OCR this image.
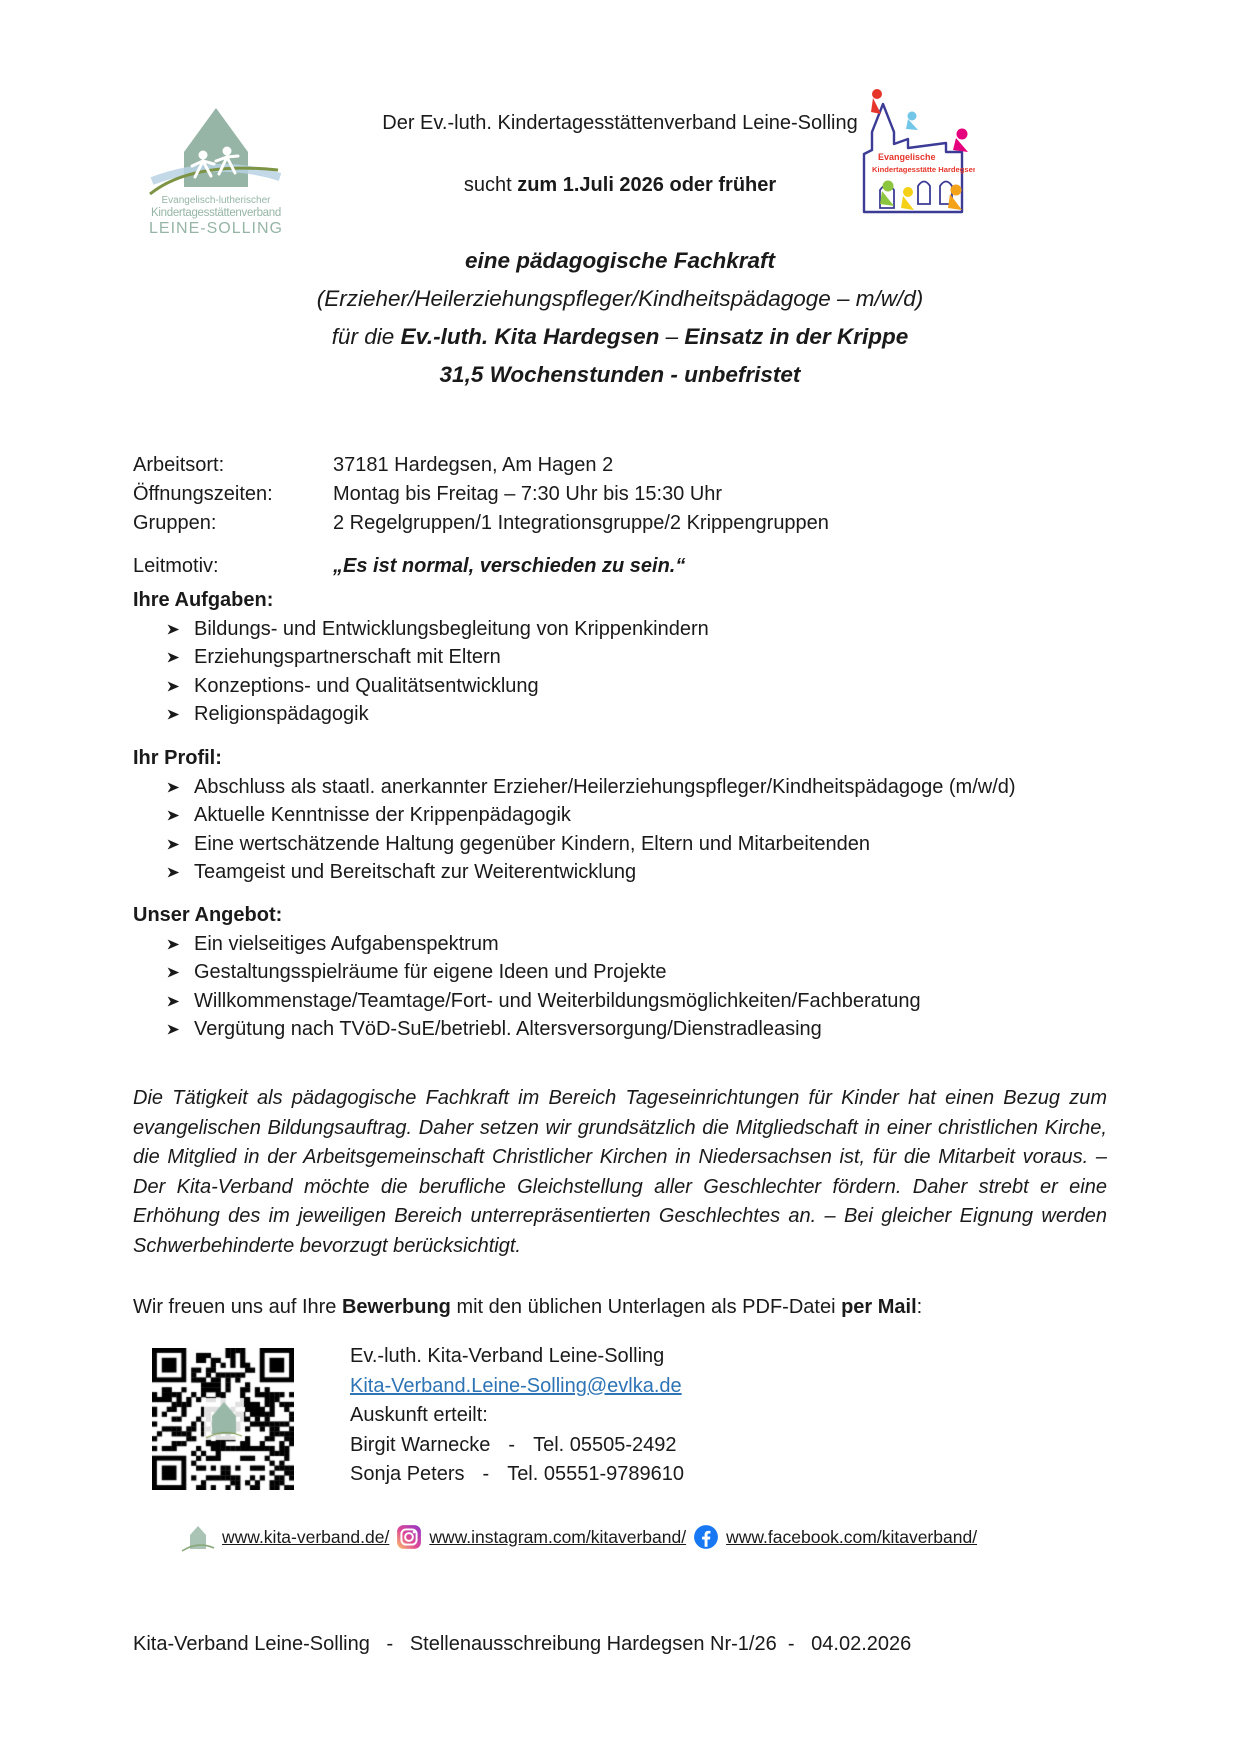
Evangelisch-lutherischer
Kindertagesstättenverband
LEINE-SOLLING
Evangelische
Kindertagesstätte Hardegsen
Der Ev.-luth. Kindertagesstättenverband Leine-Solling
sucht zum 1.Juli 2026 oder früher
eine pädagogische Fachkraft
(Erzieher/Heilerziehungspfleger/Kindheitspädagoge – m/w/d)
für die Ev.-luth. Kita Hardegsen – Einsatz in der Krippe
31,5 Wochenstunden - unbefristet
Arbeitsort:	37181 Hardegsen, Am Hagen 2
Öffnungszeiten:	Montag bis Freitag – 7:30 Uhr bis 15:30 Uhr
Gruppen:	2 Regelgruppen/1 Integrationsgruppe/2 Krippengruppen
Leitmotiv:	„Es ist normal, verschieden zu sein.“
Ihre Aufgaben:
Bildungs- und Entwicklungsbegleitung von Krippenkindern
Erziehungspartnerschaft mit Eltern
Konzeptions- und Qualitätsentwicklung
Religionspädagogik
Ihr Profil:
Abschluss als staatl. anerkannter Erzieher/Heilerziehungspfleger/Kindheitspädagoge (m/w/d)
Aktuelle Kenntnisse der Krippenpädagogik
Eine wertschätzende Haltung gegenüber Kindern, Eltern und Mitarbeitenden
Teamgeist und Bereitschaft zur Weiterentwicklung
Unser Angebot:
Ein vielseitiges Aufgabenspektrum
Gestaltungsspielräume für eigene Ideen und Projekte
Willkommenstage/Teamtage/Fort- und Weiterbildungsmöglichkeiten/Fachberatung
Vergütung nach TVöD-SuE/betriebl. Altersversorgung/Dienstradleasing
Die Tätigkeit als pädagogische Fachkraft im Bereich Tageseinrichtungen für Kinder hat einen Bezug zum evangelischen Bildungsauftrag. Daher setzen wir grundsätzlich die Mitgliedschaft in einer christlichen Kirche, die Mitglied in der Arbeitsgemeinschaft Christlicher Kirchen in Niedersachsen ist, für die Mitarbeit voraus. – Der Kita-Verband möchte die berufliche Gleichstellung aller Geschlechter fördern. Daher strebt er eine Erhöhung des im jeweiligen Bereich unterrepräsentierten Geschlechtes an. – Bei gleicher Eignung werden Schwerbehinderte bevorzugt berücksichtigt.
Wir freuen uns auf Ihre Bewerbung mit den üblichen Unterlagen als PDF-Datei per Mail:
Ev.-luth. Kita-Verband Leine-Solling
Kita-Verband.Leine-Solling@evlka.de
Auskunft erteilt:
Birgit Warnecke - Tel. 05505-2492
Sonja Peters - Tel. 05551-9789610
www.kita-verband.de/ www.instagram.com/kitaverband/ www.facebook.com/kitaverband/
Kita-Verband Leine-Solling   -   Stellenausschreibung Hardegsen Nr-1/26  -   04.02.2026
